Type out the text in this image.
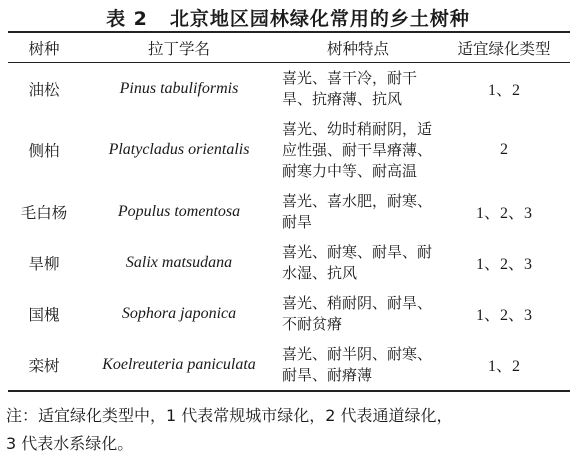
表 2 北京地区园林绿化常用的乡土树种
树种	拉丁学名	树种特点	适宜绿化类型
油松	Pinus tabuliformis	喜光、喜干冷，耐干
旱、抗瘠薄、抗风	1、2
侧柏	Platycladus orientalis	喜光、幼时稍耐阴，适
应性强、耐干旱瘠薄、
耐寒力中等、耐高温	2
毛白杨	Populus tomentosa	喜光、喜水肥，耐寒、
耐旱	1、2、3
旱柳	Salix matsudana	喜光、耐寒、耐旱、耐
水湿、抗风	1、2、3
国槐	Sophora japonica	喜光、稍耐阴、耐旱、
不耐贫瘠	1、2、3
栾树	Koelreuteria paniculata	喜光、耐半阴、耐寒、
耐旱、耐瘠薄	1、2
注：适宜绿化类型中，1 代表常规城市绿化，2 代表通道绿化，
3 代表水系绿化。
